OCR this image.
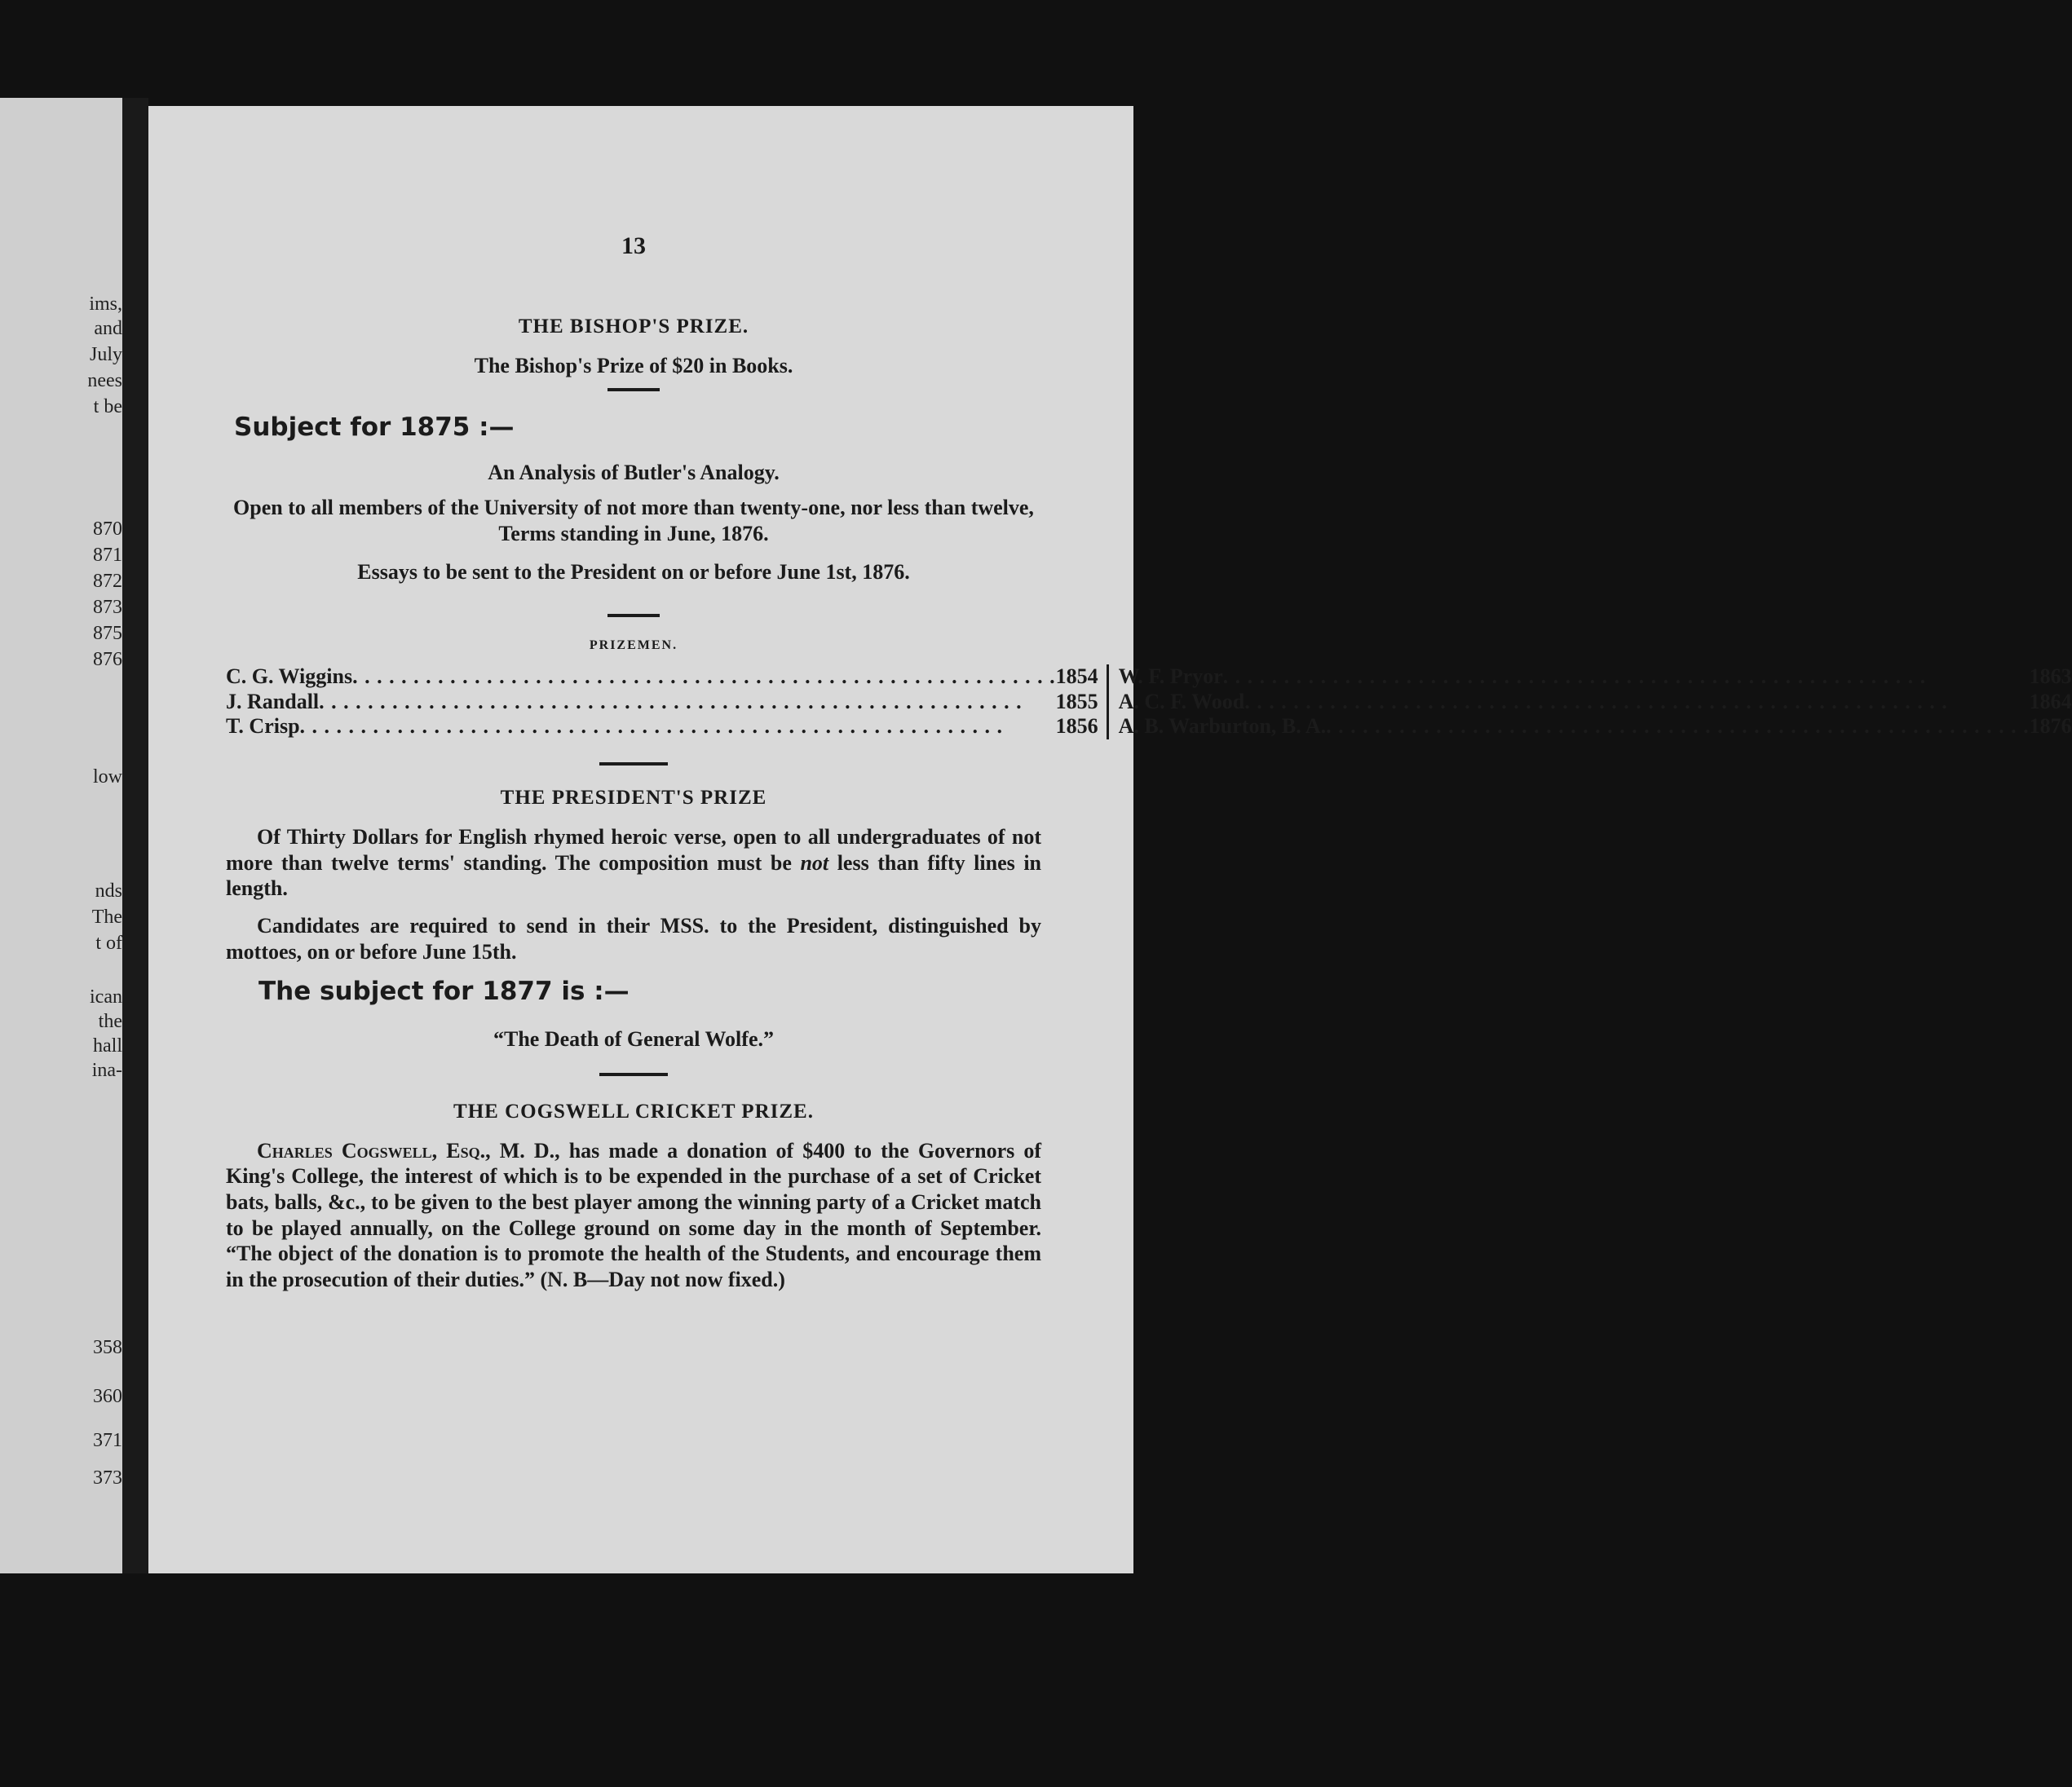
ims,
and
July
nees
t be
870
871
872
873
875
876
low
nds
The
t of
ican
the
hall
ina-
358
360
371
373
13
THE BISHOP'S PRIZE.
The Bishop's Prize of $20 in Books.
Subject for 1875 :—
An Analysis of Butler's Analogy.
Open to all members of the University of not more than twenty-one, nor less than twelve, Terms standing in June, 1876.
Essays to be sent to the President on or before June 1st, 1876.
PRIZEMEN.
C. G. Wiggins . . .	1854
J. Randall . . .	1855
T. Crisp . . .	1856
W. F. Pryor . . .	1863
A. C. F. Wood . . .	1864
A. B. Warburton, B. A. . . .	1876
THE PRESIDENT'S PRIZE

Of Thirty Dollars for English rhymed heroic verse, open to all undergraduates of not more than twelve terms' standing. The composition must be not less than fifty lines in length.

Candidates are required to send in their MSS. to the President, distinguished by mottoes, on or before June 15th.

The subject for 1877 is :—
“The Death of General Wolfe.”
THE COGSWELL CRICKET PRIZE.

Charles Cogswell, Esq., M. D., has made a donation of $400 to the Governors of King's College, the interest of which is to be expended in the purchase of a set of Cricket bats, balls, &c., to be given to the best player among the winning party of a Cricket match to be played annually, on the College ground on some day in the month of September. “The object of the donation is to promote the health of the Students, and encourage them in the prosecution of their duties.” (N. B—Day not now fixed.)
